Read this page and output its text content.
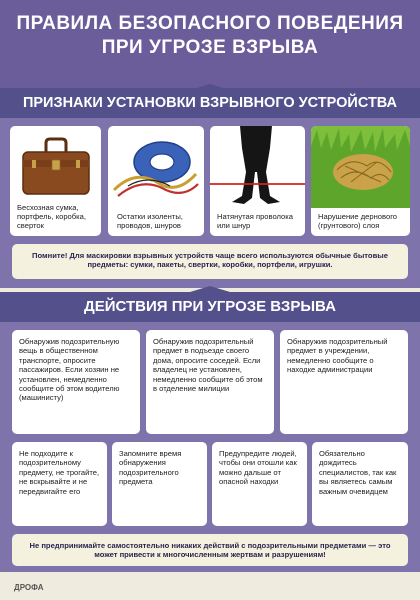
ПРАВИЛА БЕЗОПАСНОГО ПОВЕДЕНИЯ
ПРИ УГРОЗЕ ВЗРЫВА
ПРИЗНАКИ УСТАНОВКИ ВЗРЫВНОГО УСТРОЙСТВА
Бесхозная сумка, портфель, коробка, сверток
Остатки изоленты, проводов, шнуров
Натянутая проволока или шнур
Нарушение дернового (грунтового) слоя
Помните! Для маскировки взрывных устройств чаще всего используются обычные бытовые предметы: сумки, пакеты, свертки, коробки, портфели, игрушки.
ДЕЙСТВИЯ ПРИ УГРОЗЕ ВЗРЫВА
Обнаружив подозрительную вещь в общественном транспорте, опросите пассажиров. Если хозяин не установлен, немедленно сообщите об этом водителю (машинисту)
Обнаружив подозрительный предмет в подъезде своего дома, опросите соседей. Если владелец не установлен, немедленно сообщите об этом в отделение милиции
Обнаружив подозрительный предмет в учреждении, немедленно сообщите о находке администрации
Не подходите к подозрительному предмету, не трогайте, не вскрывайте и не передвигайте его
Запомните время обнаружения подозрительного предмета
Предупредите людей, чтобы они отошли как можно дальше от опасной находки
Обязательно дождитесь специалистов, так как вы являетесь самым важным очевидцем
Не предпринимайте самостоятельно никаких действий с подозрительными предметами — это может привести к многочисленным жертвам и разрушениям!
ДРОФА
